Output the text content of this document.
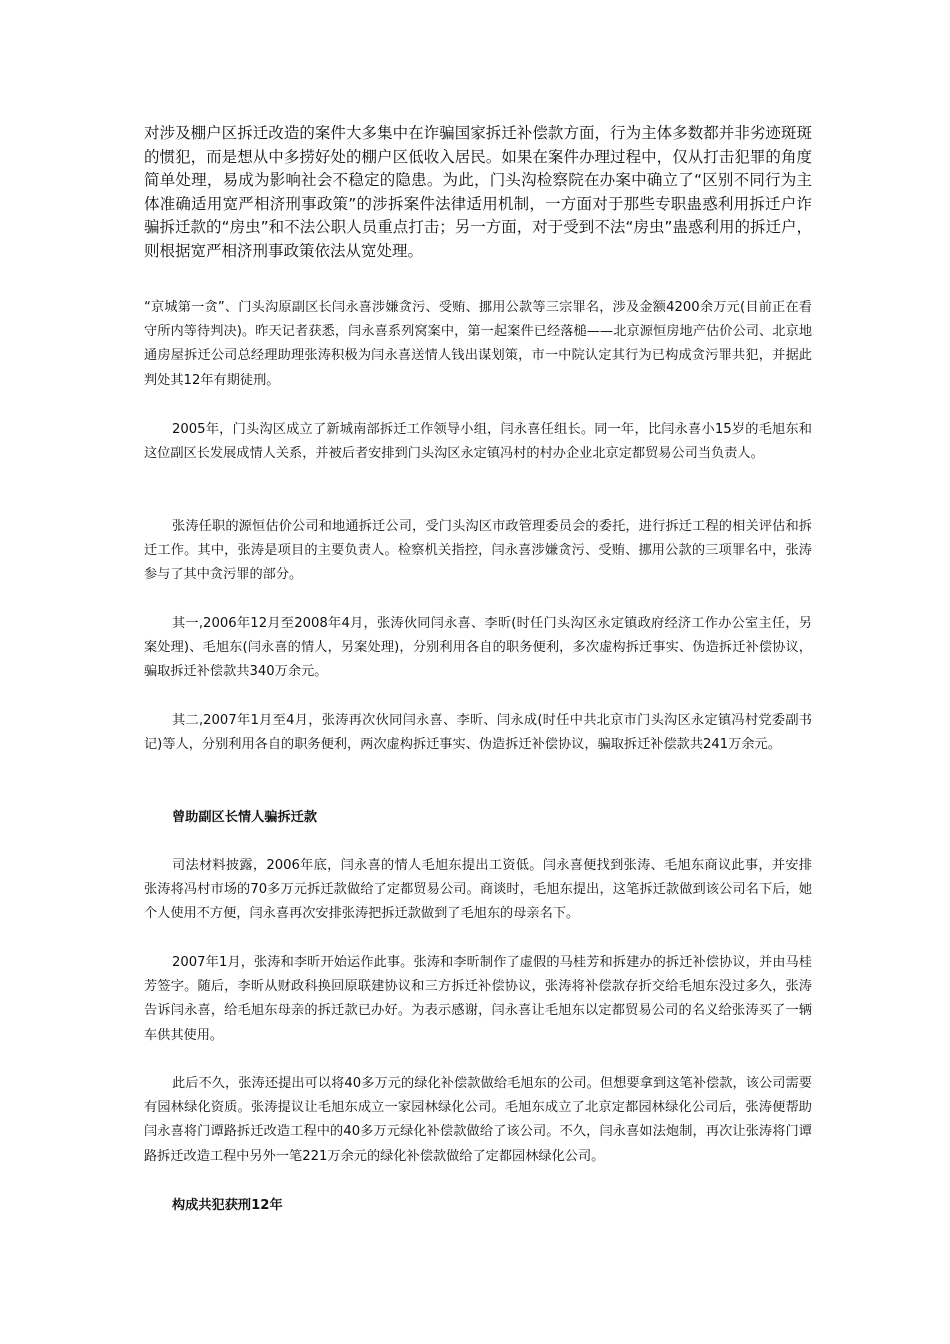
对涉及棚户区拆迁改造的案件大多集中在诈骗国家拆迁补偿款方面，行为主体多数都并非劣迹斑斑的惯犯，而是想从中多捞好处的棚户区低收入居民。如果在案件办理过程中，仅从打击犯罪的角度简单处理，易成为影响社会不稳定的隐患。为此，门头沟检察院在办案中确立了“区别不同行为主体准确适用宽严相济刑事政策”的涉拆案件法律适用机制，一方面对于那些专职蛊惑利用拆迁户诈骗拆迁款的“房虫”和不法公职人员重点打击；另一方面，对于受到不法“房虫”蛊惑利用的拆迁户，则根据宽严相济刑事政策依法从宽处理。

“京城第一贪”、门头沟原副区长闫永喜涉嫌贪污、受贿、挪用公款等三宗罪名，涉及金额4200余万元(目前正在看守所内等待判决)。昨天记者获悉，闫永喜系列窝案中，第一起案件已经落槌——北京源恒房地产估价公司、北京地通房屋拆迁公司总经理助理张涛积极为闫永喜送情人钱出谋划策，市一中院认定其行为已构成贪污罪共犯，并据此判处其12年有期徒刑。

2005年，门头沟区成立了新城南部拆迁工作领导小组，闫永喜任组长。同一年，比闫永喜小15岁的毛旭东和这位副区长发展成情人关系，并被后者安排到门头沟区永定镇冯村的村办企业北京定都贸易公司当负责人。

张涛任职的源恒估价公司和地通拆迁公司，受门头沟区市政管理委员会的委托，进行拆迁工程的相关评估和拆迁工作。其中，张涛是项目的主要负责人。检察机关指控，闫永喜涉嫌贪污、受贿、挪用公款的三项罪名中，张涛参与了其中贪污罪的部分。

其一,2006年12月至2008年4月，张涛伙同闫永喜、李昕(时任门头沟区永定镇政府经济工作办公室主任，另案处理)、毛旭东(闫永喜的情人，另案处理)，分别利用各自的职务便利，多次虚构拆迁事实、伪造拆迁补偿协议，骗取拆迁补偿款共340万余元。

其二,2007年1月至4月，张涛再次伙同闫永喜、李昕、闫永成(时任中共北京市门头沟区永定镇冯村党委副书记)等人，分别利用各自的职务便利，两次虚构拆迁事实、伪造拆迁补偿协议，骗取拆迁补偿款共241万余元。

曾助副区长情人骗拆迁款

司法材料披露，2006年底，闫永喜的情人毛旭东提出工资低。闫永喜便找到张涛、毛旭东商议此事，并安排张涛将冯村市场的70多万元拆迁款做给了定都贸易公司。商谈时，毛旭东提出，这笔拆迁款做到该公司名下后，她个人使用不方便，闫永喜再次安排张涛把拆迁款做到了毛旭东的母亲名下。

2007年1月，张涛和李昕开始运作此事。张涛和李昕制作了虚假的马桂芳和拆建办的拆迁补偿协议，并由马桂芳签字。随后，李昕从财政科换回原联建协议和三方拆迁补偿协议，张涛将补偿款存折交给毛旭东没过多久，张涛告诉闫永喜，给毛旭东母亲的拆迁款已办好。为表示感谢，闫永喜让毛旭东以定都贸易公司的名义给张涛买了一辆车供其使用。

此后不久，张涛还提出可以将40多万元的绿化补偿款做给毛旭东的公司。但想要拿到这笔补偿款，该公司需要有园林绿化资质。张涛提议让毛旭东成立一家园林绿化公司。毛旭东成立了北京定都园林绿化公司后，张涛便帮助闫永喜将门谭路拆迁改造工程中的40多万元绿化补偿款做给了该公司。不久，闫永喜如法炮制，再次让张涛将门谭路拆迁改造工程中另外一笔221万余元的绿化补偿款做给了定都园林绿化公司。

构成共犯获刑12年
